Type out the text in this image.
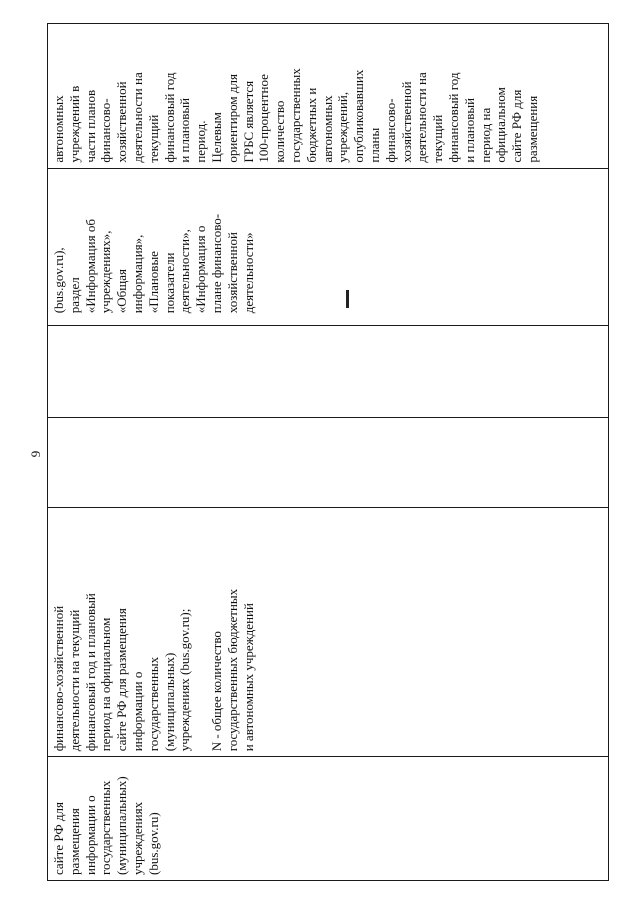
9
сайте РФ для размещения
информации о
государственных
(муниципальных)
учреждениях (bus.gov.ru)
финансово-хозяйственной
деятельности на текущий
финансовый год и плановый
период на официальном
сайте РФ для размещения
информации о
государственных
(муниципальных)
учреждениях (bus.gov.ru);

N - общее количество
государственных бюджетных
и автономных учреждений
(bus.gov.ru),
раздел
«Информация об
учреждениях»,
«Общая
информация»,
«Плановые
показатели
деятельности»,
«Информация о
плане финансово-
хозяйственной
деятельности»
автономных
учреждений в
части планов
финансово-
хозяйственной
деятельности на
текущий
финансовый год
и плановый
период.
Целевым
ориентиром для
ГРБС является
100-процентное
количество
государственных
бюджетных и
автономных
учреждений,
опубликовавших
планы
финансово-
хозяйственной
деятельности на
текущий
финансовый год
и плановый
период на
официальном
сайте РФ для
размещения
